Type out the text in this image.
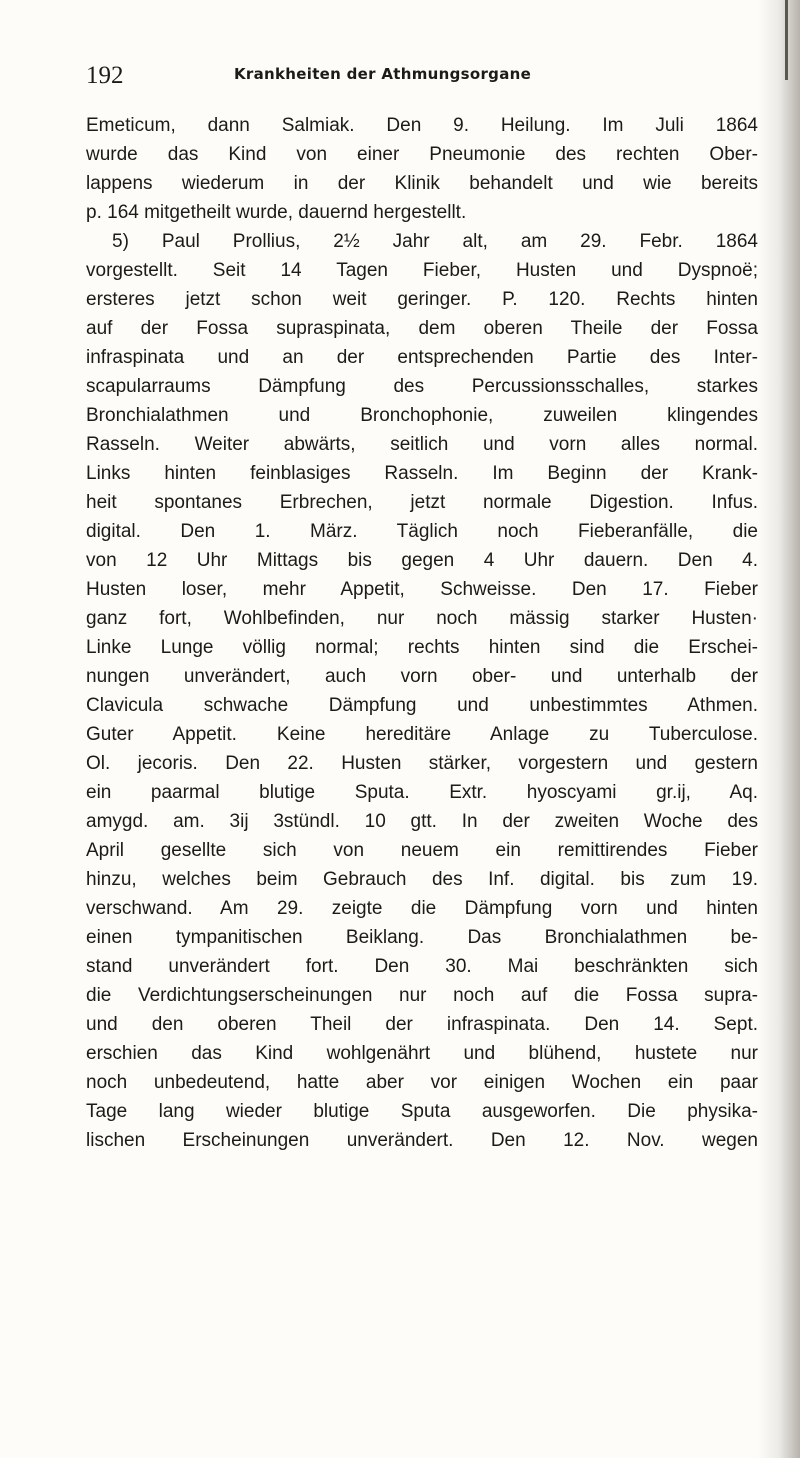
192	Krankheiten der Athmungsorgane
Emeticum, dann Salmiak. Den 9. Heilung. Im Juli 1864
wurde das Kind von einer Pneumonie des rechten Ober-
lappens wiederum in der Klinik behandelt und wie bereits
p. 164 mitgetheilt wurde, dauernd hergestellt.
5) Paul Prollius, 2½ Jahr alt, am 29. Febr. 1864
vorgestellt. Seit 14 Tagen Fieber, Husten und Dyspnoë;
ersteres jetzt schon weit geringer. P. 120. Rechts hinten
auf der Fossa supraspinata, dem oberen Theile der Fossa
infraspinata und an der entsprechenden Partie des Inter-
scapularraums Dämpfung des Percussionsschalles, starkes
Bronchialathmen und Bronchophonie, zuweilen klingendes
Rasseln. Weiter abwärts, seitlich und vorn alles normal.
Links hinten feinblasiges Rasseln. Im Beginn der Krank-
heit spontanes Erbrechen, jetzt normale Digestion. Infus.
digital. Den 1. März. Täglich noch Fieberanfälle, die
von 12 Uhr Mittags bis gegen 4 Uhr dauern. Den 4.
Husten loser, mehr Appetit, Schweisse. Den 17. Fieber
ganz fort, Wohlbefinden, nur noch mässig starker Husten·
Linke Lunge völlig normal; rechts hinten sind die Erschei-
nungen unverändert, auch vorn ober- und unterhalb der
Clavicula schwache Dämpfung und unbestimmtes Athmen.
Guter Appetit. Keine hereditäre Anlage zu Tuberculose.
Ol. jecoris. Den 22. Husten stärker, vorgestern und gestern
ein paarmal blutige Sputa. Extr. hyoscyami gr.ij, Aq.
amygd. am. 3ij 3stündl. 10 gtt. In der zweiten Woche des
April gesellte sich von neuem ein remittirendes Fieber
hinzu, welches beim Gebrauch des Inf. digital. bis zum 19.
verschwand. Am 29. zeigte die Dämpfung vorn und hinten
einen tympanitischen Beiklang. Das Bronchialathmen be-
stand unverändert fort. Den 30. Mai beschränkten sich
die Verdichtungserscheinungen nur noch auf die Fossa supra-
und den oberen Theil der infraspinata. Den 14. Sept.
erschien das Kind wohlgenährt und blühend, hustete nur
noch unbedeutend, hatte aber vor einigen Wochen ein paar
Tage lang wieder blutige Sputa ausgeworfen. Die physika-
lischen Erscheinungen unverändert. Den 12. Nov. wegen
